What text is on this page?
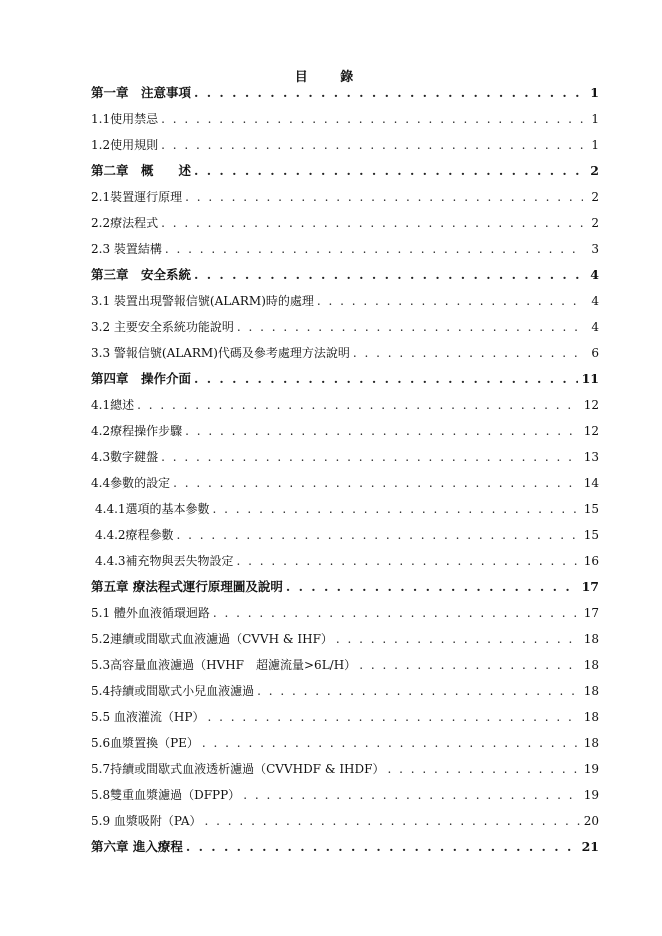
目 錄
第一章　注意事項 . . .	1
1.1使用禁忌 . . .	1
1.2使用規則 . . .	1
第二章　概　　述 . . .	2
2.1裝置運行原理 . . .	2
2.2療法程式 . . .	2
2.3 裝置結構 . . .	3
第三章　安全系統 . . .	4
3.1 裝置出現警報信號(ALARM)時的處理 . . .	4
3.2 主要安全系統功能說明 . . .	4
3.3 警報信號(ALARM)代碼及參考處理方法說明 . . .	6
第四章　操作介面 . . .	11
4.1總述 . . .	12
4.2療程操作步驟 . . .	12
4.3數字鍵盤 . . .	13
4.4參數的設定 . . .	14
4.4.1選項的基本參數 . . .	15
4.4.2療程參數 . . .	15
4.4.3補充物與丟失物設定 . . .	16
第五章 療法程式運行原理圖及說明 . . .	17
5.1 體外血液循環迴路 . . .	17
5.2連續或間歇式血液濾過（CVVH & IHF） . . .	18
5.3高容量血液濾過（HVHF　超濾流量>6L/H） . . .	18
5.4持續或間歇式小兒血液濾過 . . .	18
5.5 血液灌流（HP） . . .	18
5.6血漿置換（PE） . . .	18
5.7持續或間歇式血液透析濾過（CVVHDF & IHDF） . . .	19
5.8雙重血漿濾過（DFPP） . . .	19
5.9 血漿吸附（PA） . . .	20
第六章 進入療程 . . .	21
